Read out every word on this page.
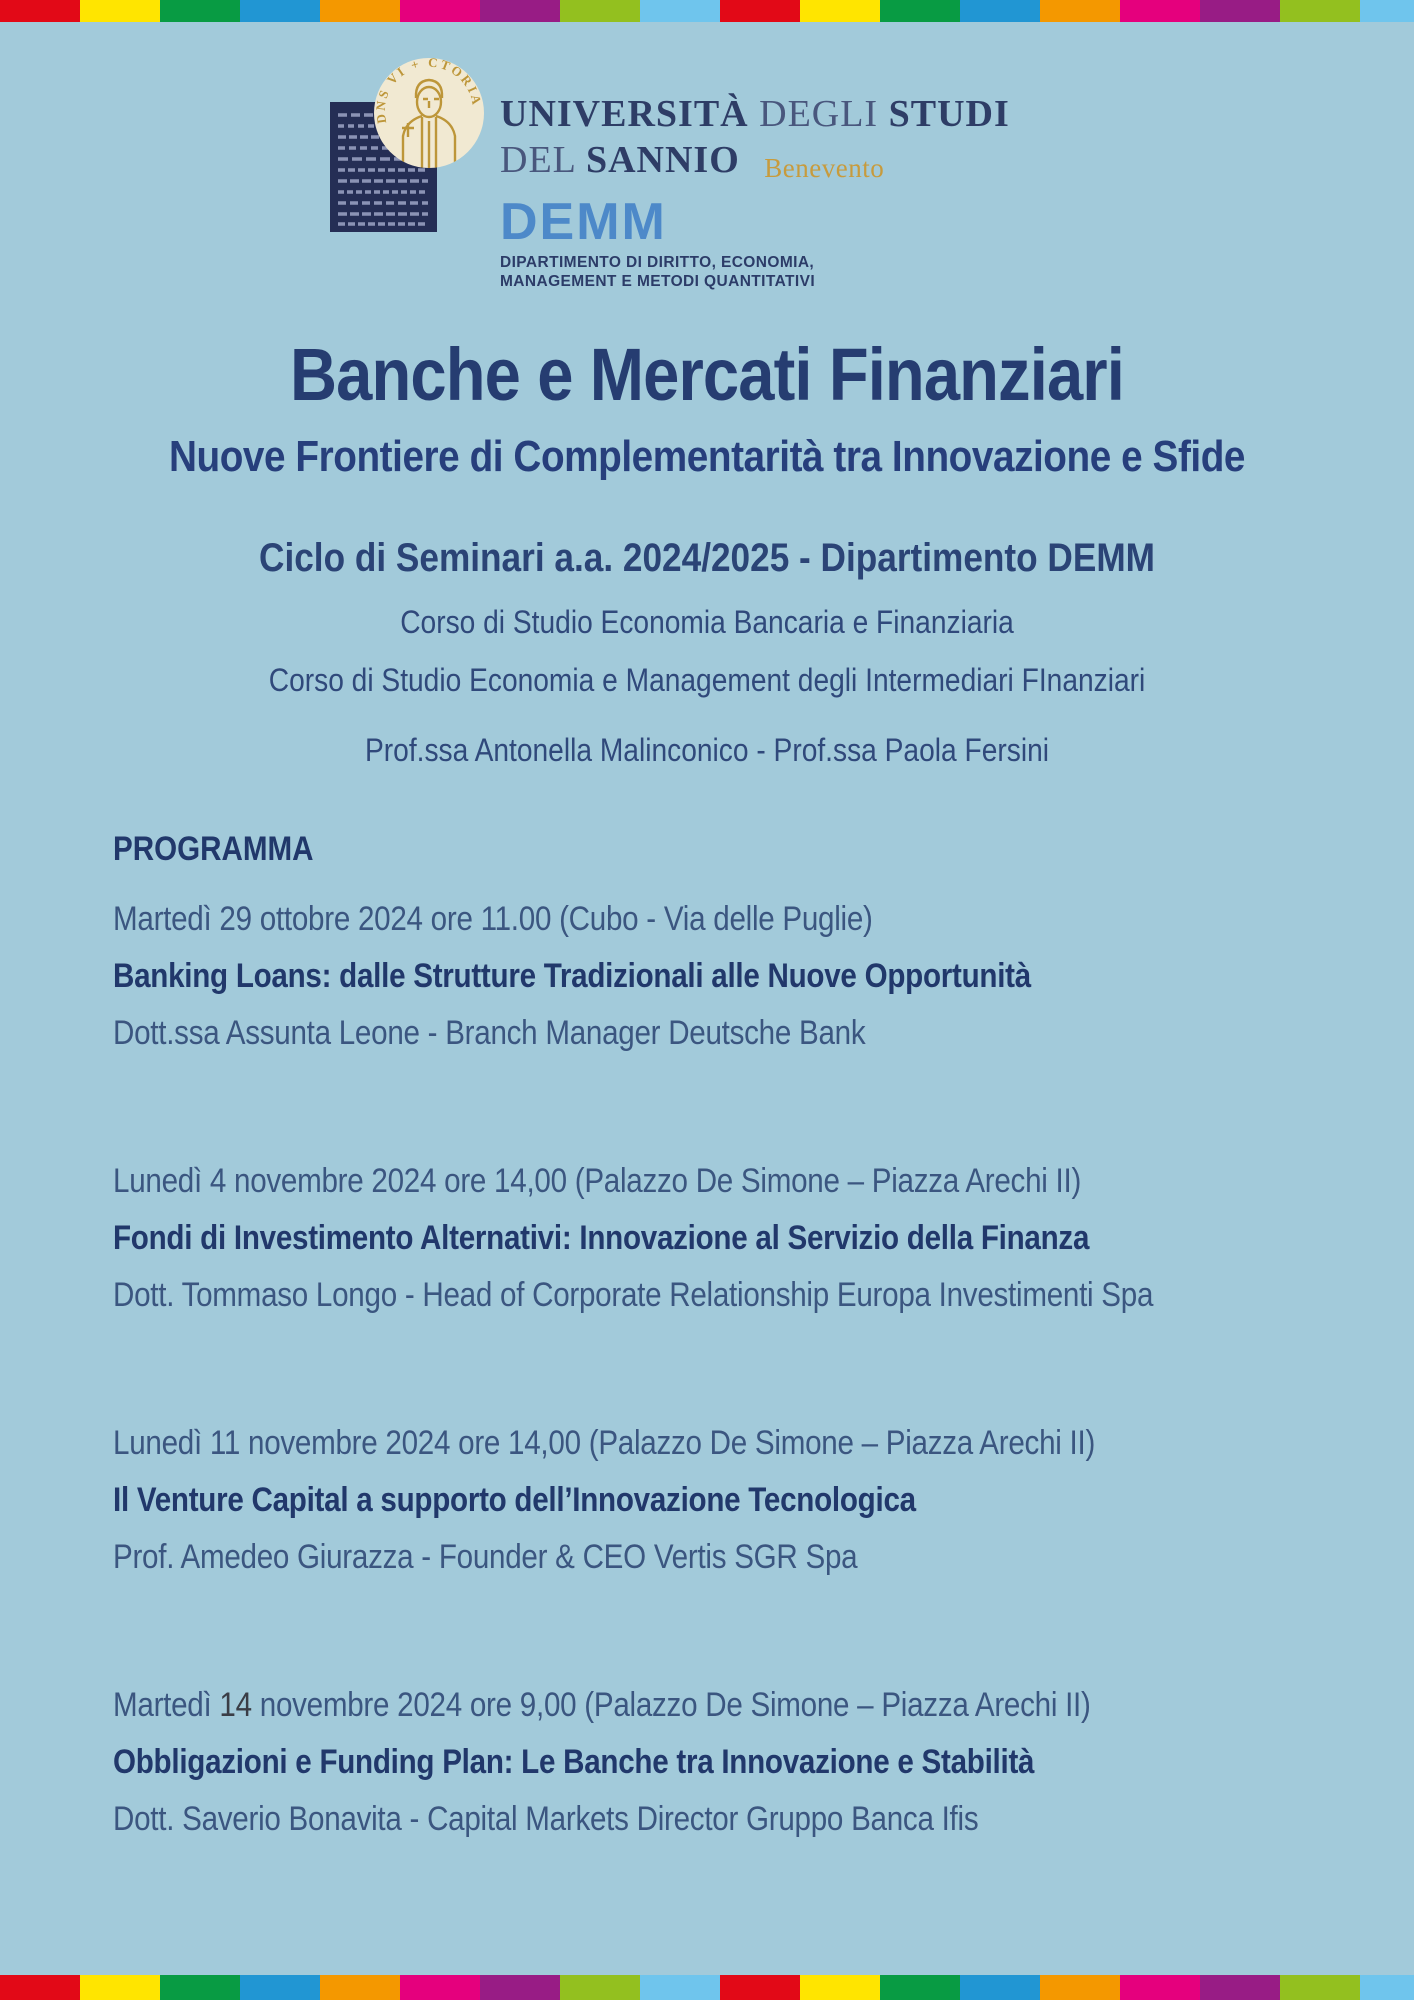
DNS VI + CTORIA UNIVERSITÀ DEGLI STUDI
DEL SANNIO Benevento
DEMM
DIPARTIMENTO DI DIRITTO, ECONOMIA,
MANAGEMENT E METODI QUANTITATIVI
Banche e Mercati Finanziari
Nuove Frontiere di Complementarità tra Innovazione e Sfide
Ciclo di Seminari a.a. 2024/2025 - Dipartimento DEMM
Corso di Studio Economia Bancaria e Finanziaria
Corso di Studio Economia e Management degli Intermediari FInanziari
Prof.ssa Antonella Malinconico - Prof.ssa Paola Fersini
PROGRAMMA
Martedì 29 ottobre 2024 ore 11.00 (Cubo - Via delle Puglie)
Banking Loans: dalle Strutture Tradizionali alle Nuove Opportunità
Dott.ssa Assunta Leone - Branch Manager Deutsche Bank
Lunedì 4 novembre 2024 ore 14,00 (Palazzo De Simone – Piazza Arechi II)
Fondi di Investimento Alternativi: Innovazione al Servizio della Finanza
Dott. Tommaso Longo - Head of Corporate Relationship Europa Investimenti Spa
Lunedì 11 novembre 2024 ore 14,00 (Palazzo De Simone – Piazza Arechi II)
Il Venture Capital a supporto dell’Innovazione Tecnologica
Prof. Amedeo Giurazza - Founder & CEO Vertis SGR Spa
Martedì 14 novembre 2024 ore 9,00 (Palazzo De Simone – Piazza Arechi II)
Obbligazioni e Funding Plan: Le Banche tra Innovazione e Stabilità
Dott. Saverio Bonavita - Capital Markets Director Gruppo Banca Ifis
